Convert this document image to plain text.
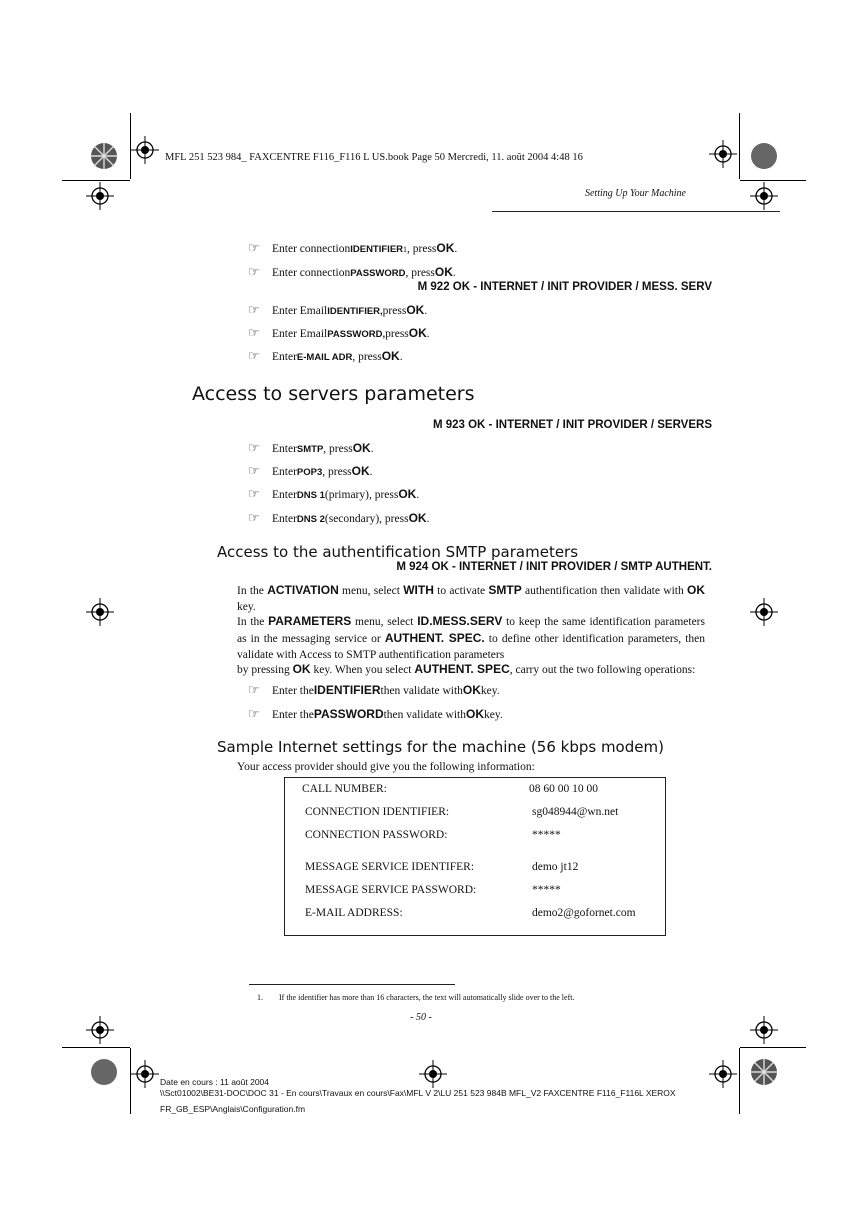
MFL 251 523 984_ FAXCENTRE F116_F116 L US.book Page 50 Mercredi, 11. août 2004 4:48 16
Setting Up Your Machine
☞	Enter connection IDENTIFIER 1 , press OK .
☞	Enter connection PASSWORD , press OK .
M 922 OK - INTERNET / INIT PROVIDER / MESS. SERV
☞	Enter Email IDENTIFIER, press OK .
☞	Enter Email PASSWORD, press OK .
☞	Enter E-MAIL ADR , press OK .
Access to servers parameters
M 923 OK - INTERNET / INIT PROVIDER / SERVERS
☞	Enter SMTP , press OK .
☞	Enter POP3 , press OK .
☞	Enter DNS 1 (primary), press OK .
☞	Enter DNS 2 (secondary), press OK .
Access to the authentification SMTP parameters
M 924 OK - INTERNET / INIT PROVIDER / SMTP AUTHENT.
In the ACTIVATION menu, select WITH to activate SMTP authentification then validate with OK key.
In the PARAMETERS menu, select ID.MESS.SERV to keep the same identification parameters as in the messaging service or AUTHENT. SPEC. to define other identification parameters, then validate with Access to SMTP authentification parameters
by pressing OK key. When you select AUTHENT. SPEC, carry out the two following operations:
☞	Enter the IDENTIFIER then validate with OK key.
☞	Enter the PASSWORD then validate with OK key.
Sample Internet settings for the machine (56 kbps modem)
Your access provider should give you the following information:
CALL NUMBER:	08 60 00 10 00
CONNECTION IDENTIFIER:	sg048944@wn.net
CONNECTION PASSWORD:	*****
MESSAGE SERVICE IDENTIFER:	demo jt12
MESSAGE SERVICE PASSWORD:	*****
E-MAIL ADDRESS:	demo2@gofornet.com
1. If the identifier has more than 16 characters, the text will automatically slide over to the left.
- 50 -
Date en cours : 11 août 2004
\\Sct01002\BE31-DOC\DOC 31 - En cours\Travaux en cours\Fax\MFL V 2\LU 251 523 984B MFL_V2 FAXCENTRE F116_F116L XEROX
FR_GB_ESP\Anglais\Configuration.fm
